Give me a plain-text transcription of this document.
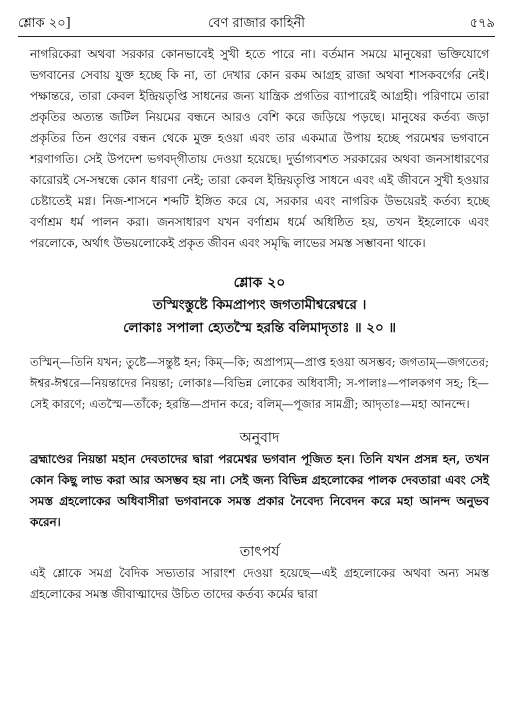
শ্লোক ২০]	বেণ রাজার কাহিনী	৫৭৯

নাগরিকেরা অথবা সরকার কোনভাবেই সুখী হতে পারে না। বর্তমান সময়ে মানুষেরা ভক্তিযোগে ভগবানের সেবায় যুক্ত হচ্ছে কি না, তা দেখার কোন রকম আগ্রহ রাজা অথবা শাসকবর্গের নেই। পক্ষান্তরে, তারা কেবল ইন্দ্রিয়তৃপ্তি সাধনের জন্য যান্ত্রিক প্রগতির ব্যাপারেই আগ্রহী। পরিণামে তারা প্রকৃতির অত্যন্ত জটিল নিয়মের বন্ধনে আরও বেশি করে জড়িয়ে পড়ছে। মানুষের কর্তব্য জড়া প্রকৃতির তিন গুণের বন্ধন থেকে মুক্ত হওয়া এবং তার একমাত্র উপায় হচ্ছে পরমেশ্বর ভগবানে শরণাগতি। সেই উপদেশ ভগবদ্‌গীতায় দেওয়া হয়েছে। দুর্ভাগ্যবশত সরকারের অথবা জনসাধারণের কারোরই সে-সম্বন্ধে কোন ধারণা নেই; তারা কেবল ইন্দ্রিয়তৃপ্তি সাধনে এবং এই জীবনে সুখী হওয়ার চেষ্টাতেই মগ্ন। নিজ-শাসনে শব্দটি ইঙ্গিত করে যে, সরকার এবং নাগরিক উভয়েরই কর্তব্য হচ্ছে বর্ণাশ্রম ধর্ম পালন করা। জনসাধারণ যখন বর্ণাশ্রম ধর্মে অধিষ্ঠিত হয়, তখন ইহলোকে এবং পরলোকে, অর্থাৎ উভয়লোকেই প্রকৃত জীবন এবং সমৃদ্ধি লাভের সমস্ত সম্ভাবনা থাকে।

শ্লোক ২০
তস্মিংস্তুষ্টে কিমপ্রাপ্যং জগতামীশ্বরেশ্বরে ।
লোকাঃ সপালা হ্যেতস্মৈ হরন্তি বলিমাদৃতাঃ ॥ ২০ ॥

তস্মিন্‌—তিনি যখন; তুষ্টে—সন্তুষ্ট হন; কিম্‌—কি; অপ্রাপ্যম্‌—প্রাপ্ত হওয়া অসম্ভব; জগতাম্‌—জগতের; ঈশ্বর-ঈশ্বরে—নিয়ন্তাদের নিয়ন্তা; লোকাঃ—বিভিন্ন লোকের অধিবাসী; স-পালাঃ—পালকগণ সহ; হি—সেই কারণে; এতস্মৈ—তাঁকে; হরন্তি—প্রদান করে; বলিম্‌—পূজার সামগ্রী; আদৃতাঃ—মহা আনন্দে।

অনুবাদ

ব্রহ্মাণ্ডের নিয়ন্তা মহান দেবতাদের দ্বারা পরমেশ্বর ভগবান পূজিত হন। তিনি যখন প্রসন্ন হন, তখন কোন কিছু লাভ করা আর অসম্ভব হয় না। সেই জন্য বিভিন্ন গ্রহলোকের পালক দেবতারা এবং সেই সমস্ত গ্রহলোকের অধিবাসীরা ভগবানকে সমস্ত প্রকার নৈবেদ্য নিবেদন করে মহা আনন্দ অনুভব করেন।

তাৎপর্য

এই শ্লোকে সমগ্র বৈদিক সভ্যতার সারাংশ দেওয়া হয়েছে—এই গ্রহলোকের অথবা অন্য সমস্ত গ্রহলোকের সমস্ত জীবাত্মাদের উচিত তাদের কর্তব্য কর্মের দ্বারা
